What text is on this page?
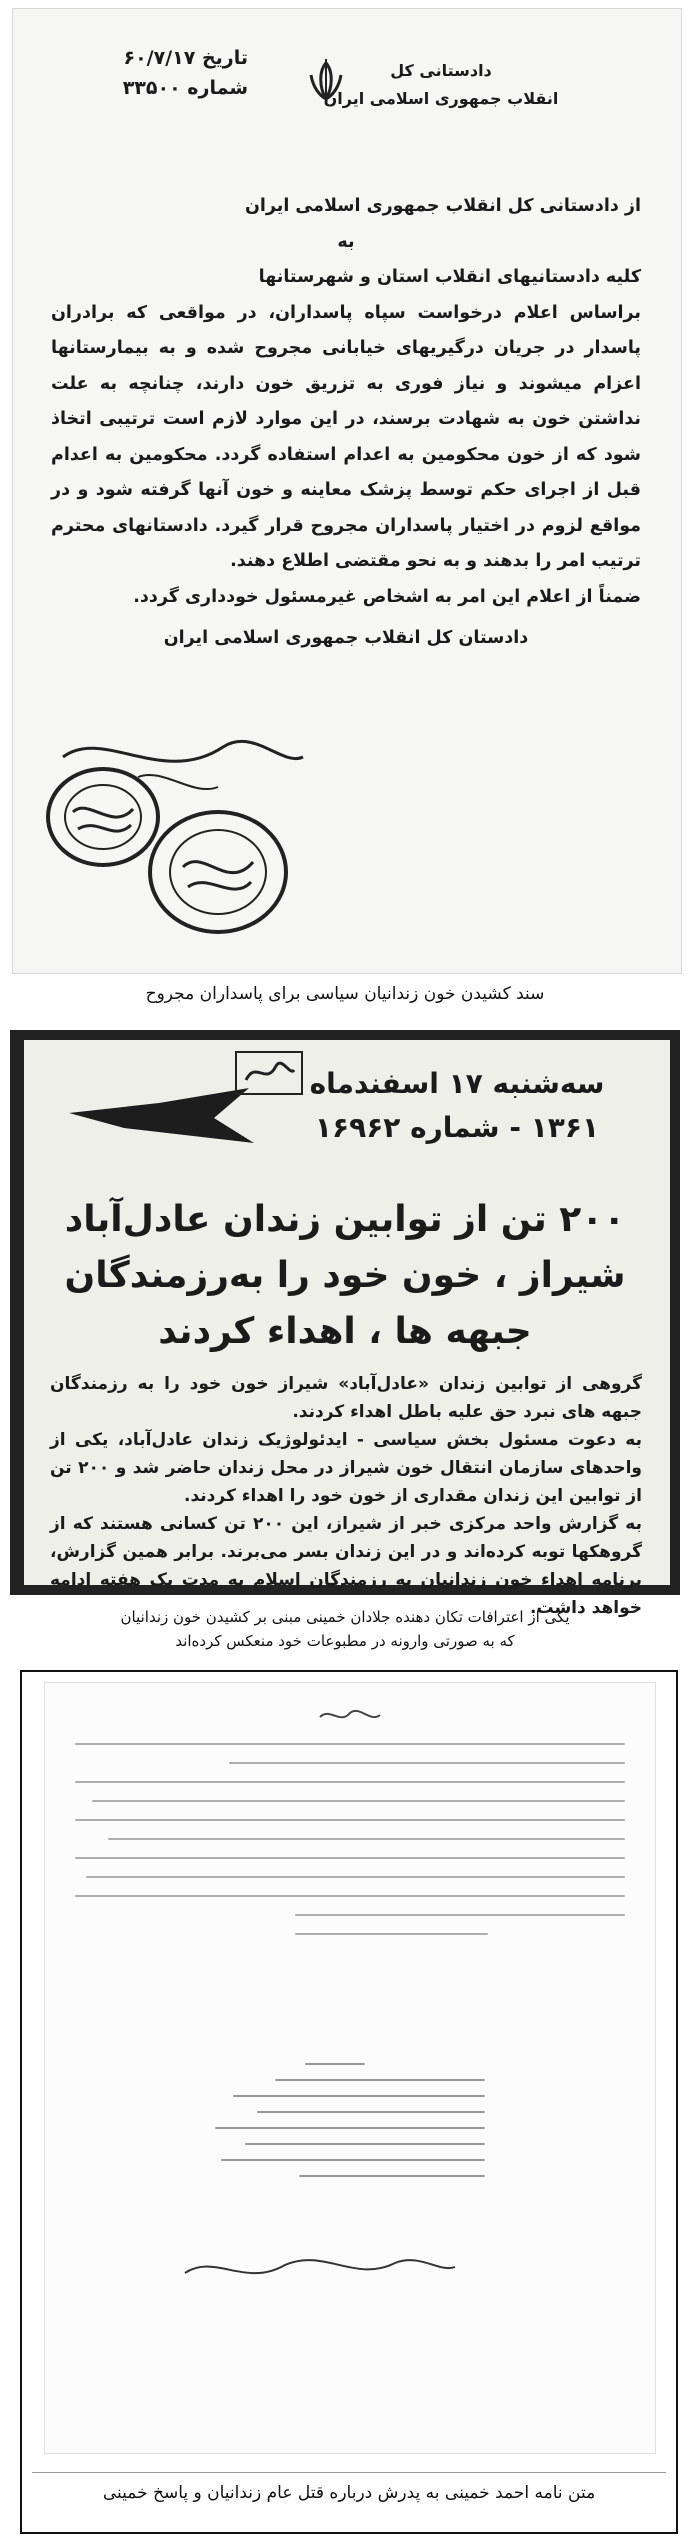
تاریخ ۶۰/۷/۱۷
شماره ۳۳۵۰۰
دادستانی کل
انقلاب جمهوری اسلامی ایران

از دادستانی کل انقلاب جمهوری اسلامی ایران

به

کلیه دادستانیهای انقلاب استان و شهرستانها

براساس اعلام درخواست سپاه پاسداران، در مواقعی که برادران پاسدار در جریان درگیریهای خیابانی مجروح شده و به بیمارستانها اعزام میشوند و نیاز فوری به تزریق خون دارند، چنانچه به علت نداشتن خون به شهادت برسند، در این موارد لازم است ترتیبی اتخاذ شود که از خون محکومین به اعدام استفاده گردد. محکومین به اعدام قبل از اجرای حکم توسط پزشک معاینه و خون آنها گرفته شود و در مواقع لزوم در اختیار پاسداران مجروح قرار گیرد. دادستانهای محترم ترتیب امر را بدهند و به نحو مقتضی اطلاع دهند.

ضمناً از اعلام این امر به اشخاص غیرمسئول خودداری گردد.

دادستان کل انقلاب جمهوری اسلامی ایران

سند کشیدن خون زندانیان سیاسی برای پاسداران مجروح
سه‌شنبه ۱۷ اسفندماه
۱۳۶۱ - شماره ۱۶۹۶۲
۲۰۰ تن از توابین زندان عادل‌آباد
شیراز ، خون خود را به‌رزمندگان
جبهه ها ، اهداء کردند

گروهی از توابین زندان «عادل‌آباد» شیراز خون خود را به رزمندگان جبهه های نبرد حق علیه باطل اهداء کردند.

به دعوت مسئول بخش سیاسی - ایدئولوژیک زندان عادل‌آباد، یکی از واحدهای سازمان انتقال خون شیراز در محل زندان حاضر شد و ۲۰۰ تن از توابین این زندان مقداری از خون خود را اهداء کردند.

به گزارش واحد مرکزی خبر از شیراز، این ۲۰۰ تن کسانی هستند که از گروهکها توبه کرده‌اند و در این زندان بسر می‌برند. برابر همین گزارش، برنامه اهداء خون زندانیان به رزمندگان اسلام به مدت یک هفته ادامه خواهد داشت.

یکی از اعترافات تکان دهنده جلادان خمینی مبنی بر کشیدن خون زندانیان
که به صورتی وارونه در مطبوعات خود منعکس کرده‌اند
متن نامه احمد خمینی به پدرش درباره قتل عام زندانیان و پاسخ خمینی
